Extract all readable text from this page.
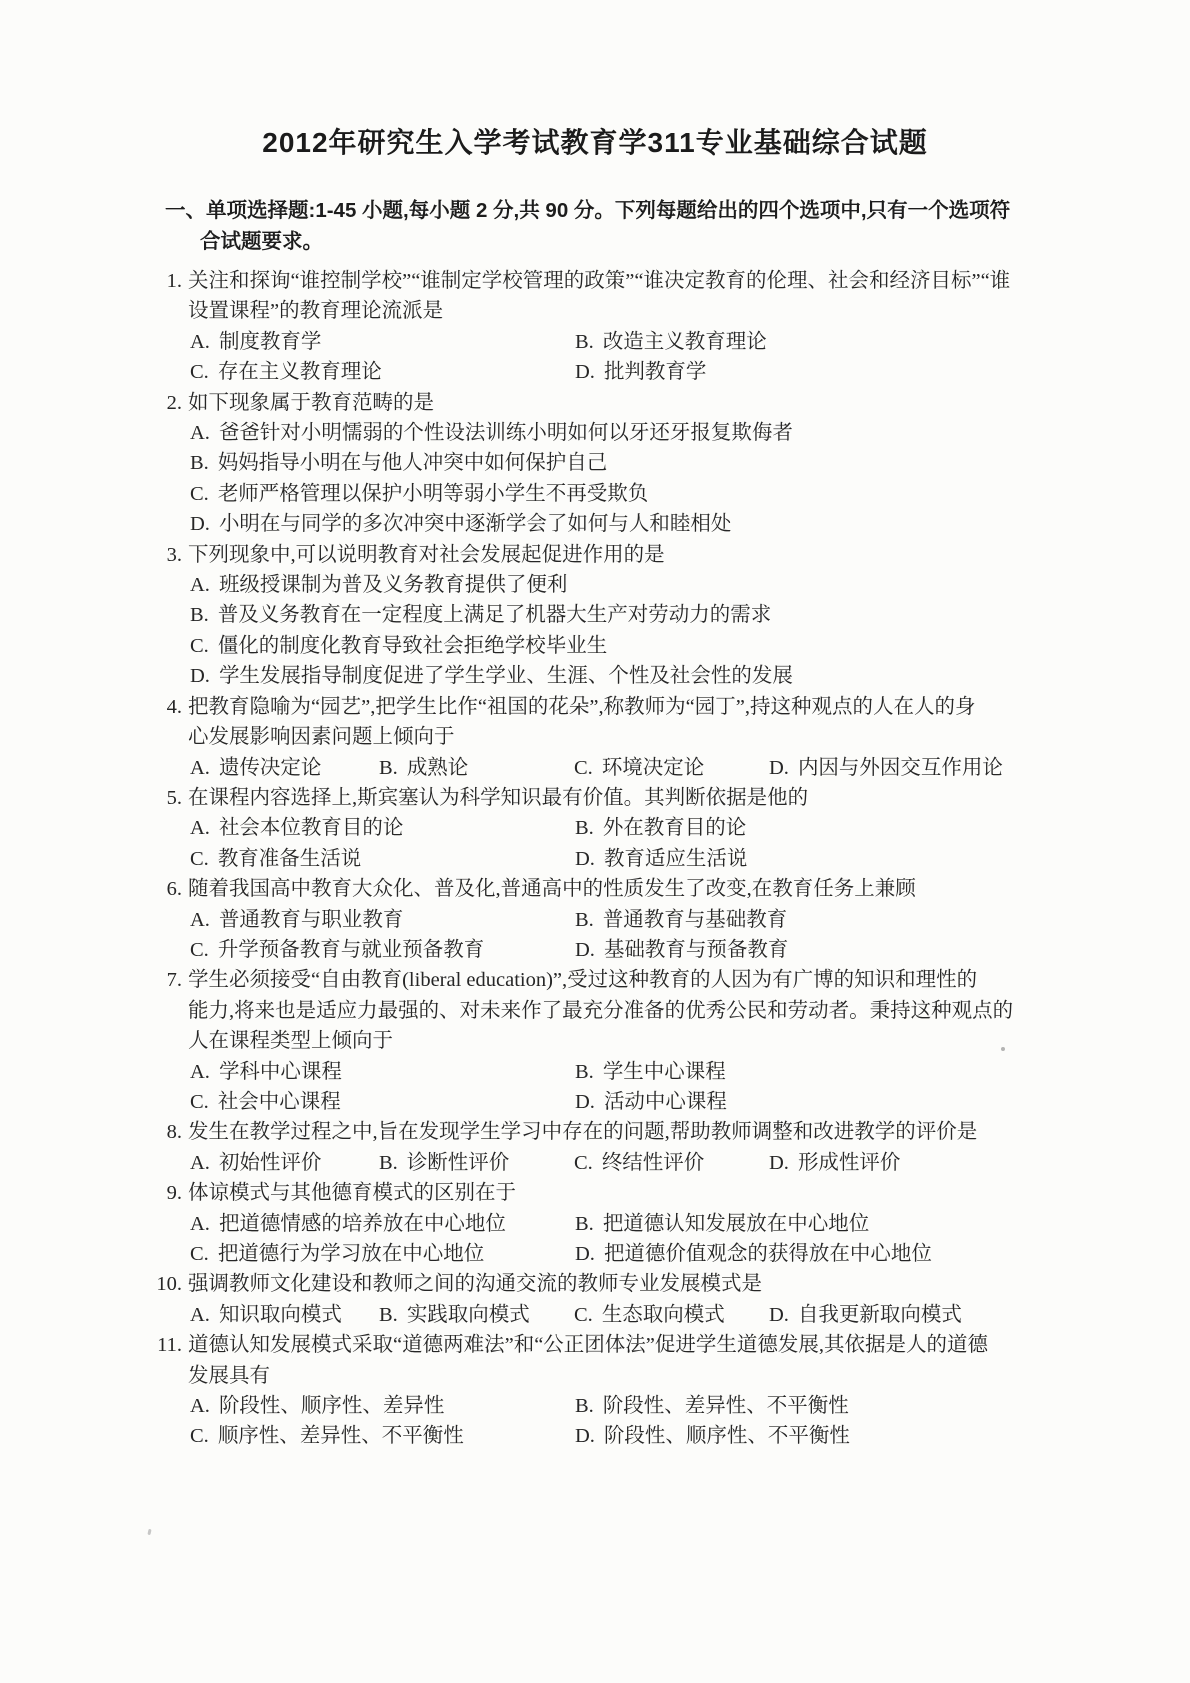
2012年研究生入学考试教育学311专业基础综合试题
一、单项选择题:1-45 小题,每小题 2 分,共 90 分。下列每题给出的四个选项中,只有一个选项符
合试题要求。
1. 关注和探询“谁控制学校”“谁制定学校管理的政策”“谁决定教育的伦理、社会和经济目标”“谁
设置课程”的教育理论流派是
A. 制度教育学	B. 改造主义教育理论
C. 存在主义教育理论	D. 批判教育学
2. 如下现象属于教育范畴的是
A. 爸爸针对小明懦弱的个性设法训练小明如何以牙还牙报复欺侮者
B. 妈妈指导小明在与他人冲突中如何保护自己
C. 老师严格管理以保护小明等弱小学生不再受欺负
D. 小明在与同学的多次冲突中逐渐学会了如何与人和睦相处
3. 下列现象中,可以说明教育对社会发展起促进作用的是
A. 班级授课制为普及义务教育提供了便利
B. 普及义务教育在一定程度上满足了机器大生产对劳动力的需求
C. 僵化的制度化教育导致社会拒绝学校毕业生
D. 学生发展指导制度促进了学生学业、生涯、个性及社会性的发展
4. 把教育隐喻为“园艺”,把学生比作“祖国的花朵”,称教师为“园丁”,持这种观点的人在人的身
心发展影响因素问题上倾向于
A. 遗传决定论	B. 成熟论	C. 环境决定论	D. 内因与外因交互作用论
5. 在课程内容选择上,斯宾塞认为科学知识最有价值。其判断依据是他的
A. 社会本位教育目的论	B. 外在教育目的论
C. 教育准备生活说	D. 教育适应生活说
6. 随着我国高中教育大众化、普及化,普通高中的性质发生了改变,在教育任务上兼顾
A. 普通教育与职业教育	B. 普通教育与基础教育
C. 升学预备教育与就业预备教育	D. 基础教育与预备教育
7. 学生必须接受“自由教育(liberal education)”,受过这种教育的人因为有广博的知识和理性的
能力,将来也是适应力最强的、对未来作了最充分准备的优秀公民和劳动者。秉持这种观点的
人在课程类型上倾向于
A. 学科中心课程	B. 学生中心课程
C. 社会中心课程	D. 活动中心课程
8. 发生在教学过程之中,旨在发现学生学习中存在的问题,帮助教师调整和改进教学的评价是
A. 初始性评价	B. 诊断性评价	C. 终结性评价	D. 形成性评价
9. 体谅模式与其他德育模式的区别在于
A. 把道德情感的培养放在中心地位	B. 把道德认知发展放在中心地位
C. 把道德行为学习放在中心地位	D. 把道德价值观念的获得放在中心地位
10. 强调教师文化建设和教师之间的沟通交流的教师专业发展模式是
A. 知识取向模式	B. 实践取向模式	C. 生态取向模式	D. 自我更新取向模式
11. 道德认知发展模式采取“道德两难法”和“公正团体法”促进学生道德发展,其依据是人的道德
发展具有
A. 阶段性、顺序性、差异性	B. 阶段性、差异性、不平衡性
C. 顺序性、差异性、不平衡性	D. 阶段性、顺序性、不平衡性
